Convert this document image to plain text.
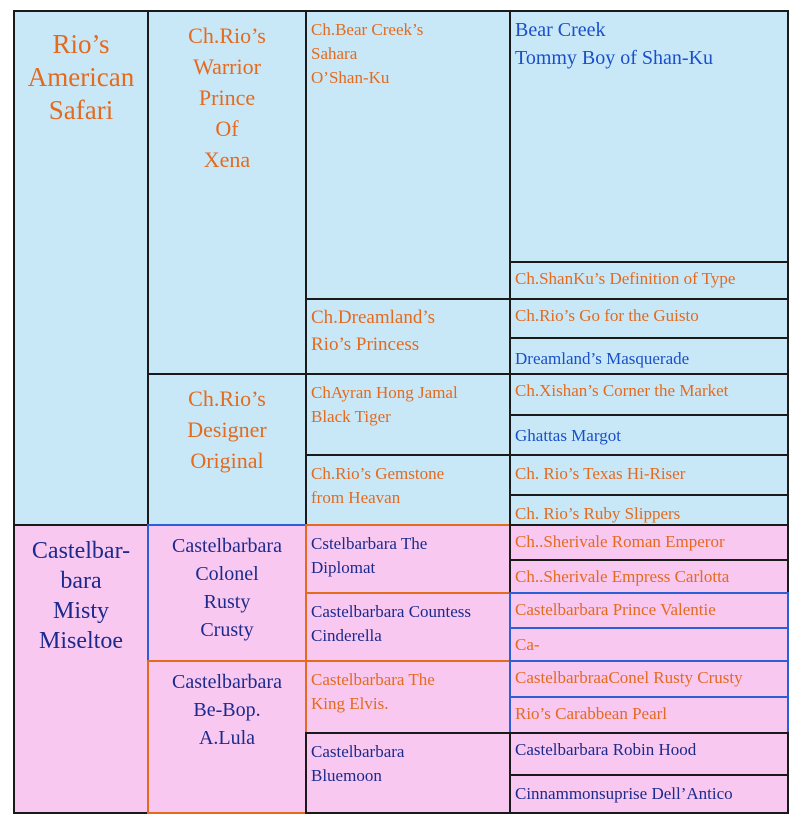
Rio’s
American
Safari
Castelbar-
bara
Misty
Miseltoe
Ch.Rio’s
Warrior
Prince
Of
Xena
Ch.Rio’s
Designer
Original
Castelbarbara
Colonel
Rusty
Crusty
Castelbarbara
Be-Bop.
A.Lula
Ch.Bear Creek’s
Sahara
O’Shan-Ku
Ch.Dreamland’s
Rio’s Princess
ChAyran Hong Jamal
Black Tiger
Ch.Rio’s Gemstone
from Heavan
Cstelbarbara The
Diplomat
Castelbarbara Countess
Cinderella
Castelbarbara The
King Elvis.
Castelbarbara
Bluemoon
Bear Creek
Tommy Boy of Shan-Ku
Ch.ShanKu’s Definition of Type
Ch.Rio’s Go for the Guisto
Dreamland’s Masquerade
Ch.Xishan’s Corner the Market
Ghattas Margot
Ch. Rio’s Texas Hi-Riser
Ch. Rio’s Ruby Slippers
Ch..Sherivale Roman Emperor
Ch..Sherivale Empress Carlotta
Castelbarbara Prince Valentie
Ca-
CastelbarbraaConel Rusty Crusty
Rio’s Carabbean Pearl
Castelbarbara Robin Hood
Cinnammonsuprise Dell’Antico
